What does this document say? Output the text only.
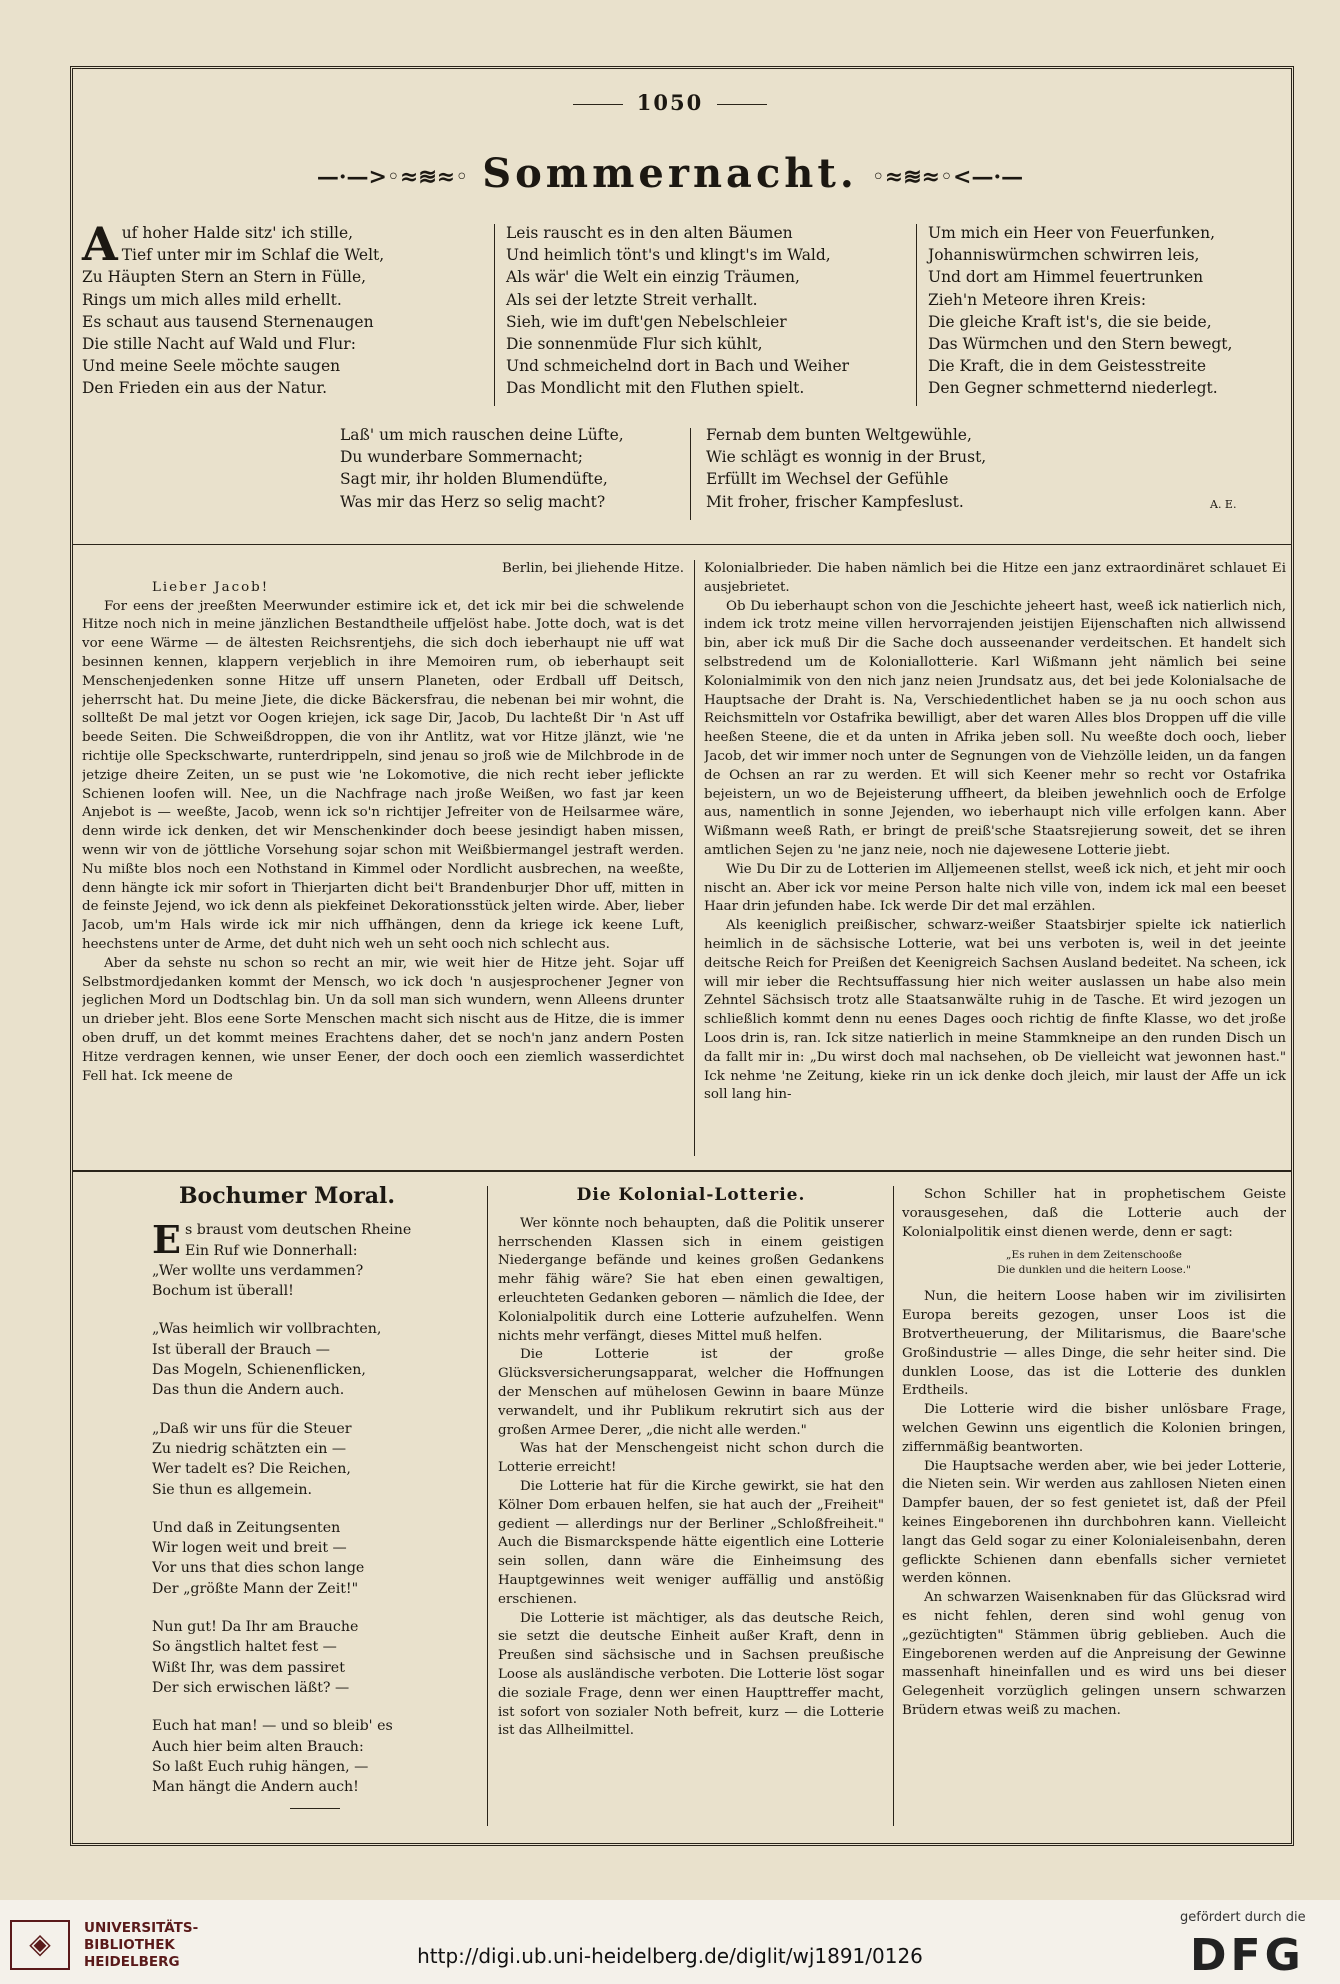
1050
—·—>◦≈≋≈◦ Sommernacht. ◦≈≋≈◦<—·—
A uf hoher Halde sitz' ich stille,
Tief unter mir im Schlaf die Welt,
Zu Häupten Stern an Stern in Fülle,
Rings um mich alles mild erhellt.
Es schaut aus tausend Sternenaugen
Die stille Nacht auf Wald und Flur:
Und meine Seele möchte saugen
Den Frieden ein aus der Natur.
Leis rauscht es in den alten Bäumen
Und heimlich tönt's und klingt's im Wald,
Als wär' die Welt ein einzig Träumen,
Als sei der letzte Streit verhallt.
Sieh, wie im duft'gen Nebelschleier
Die sonnenmüde Flur sich kühlt,
Und schmeichelnd dort in Bach und Weiher
Das Mondlicht mit den Fluthen spielt.
Um mich ein Heer von Feuerfunken,
Johanniswürmchen schwirren leis,
Und dort am Himmel feuertrunken
Zieh'n Meteore ihren Kreis:
Die gleiche Kraft ist's, die sie beide,
Das Würmchen und den Stern bewegt,
Die Kraft, die in dem Geistesstreite
Den Gegner schmetternd niederlegt.
Laß' um mich rauschen deine Lüfte,
Du wunderbare Sommernacht;
Sagt mir, ihr holden Blumendüfte,
Was mir das Herz so selig macht?
Fernab dem bunten Weltgewühle,
Wie schlägt es wonnig in der Brust,
Erfüllt im Wechsel der Gefühle
Mit froher, frischer Kampfeslust.	A. E.

Berlin, bei jliehende Hitze.

Lieber Jacob!

For eens der jreeßten Meerwunder estimire ick et, det ick mir bei die schwelende Hitze noch nich in meine jänzlichen Bestandtheile uffjelöst habe. Jotte doch, wat is det vor eene Wärme — de ältesten Reichsrentjehs, die sich doch ieberhaupt nie uff wat besinnen kennen, klappern verjeblich in ihre Memoiren rum, ob ieberhaupt seit Menschenjedenken sonne Hitze uff unsern Planeten, oder Erdball uff Deitsch, jeherrscht hat. Du meine Jiete, die dicke Bäckersfrau, die nebenan bei mir wohnt, die sollteßt De mal jetzt vor Oogen kriejen, ick sage Dir, Jacob, Du lachteßt Dir 'n Ast uff beede Seiten. Die Schweißdroppen, die von ihr Antlitz, wat vor Hitze jlänzt, wie 'ne richtije olle Speckschwarte, runterdrippeln, sind jenau so jroß wie de Milchbrode in de jetzige dheire Zeiten, un se pust wie 'ne Lokomotive, die nich recht ieber jeflickte Schienen loofen will. Nee, un die Nachfrage nach jroße Weißen, wo fast jar keen Anjebot is — weeßte, Jacob, wenn ick so'n richtijer Jefreiter von de Heilsarmee wäre, denn wirde ick denken, det wir Menschenkinder doch beese jesindigt haben missen, wenn wir von de jöttliche Vorsehung sojar schon mit Weißbiermangel jestraft werden. Nu mißte blos noch een Nothstand in Kimmel oder Nordlicht ausbrechen, na weeßte, denn hängte ick mir sofort in Thierjarten dicht bei't Brandenburjer Dhor uff, mitten in de feinste Jejend, wo ick denn als piekfeinet Dekorationsstück jelten wirde. Aber, lieber Jacob, um'm Hals wirde ick mir nich uffhängen, denn da kriege ick keene Luft, heechstens unter de Arme, det duht nich weh un seht ooch nich schlecht aus.

Aber da sehste nu schon so recht an mir, wie weit hier de Hitze jeht. Sojar uff Selbstmordjedanken kommt der Mensch, wo ick doch 'n ausjesprochener Jegner von jeglichen Mord un Dodtschlag bin. Un da soll man sich wundern, wenn Alleens drunter un drieber jeht. Blos eene Sorte Menschen macht sich nischt aus de Hitze, die is immer oben druff, un det kommt meines Erachtens daher, det se noch'n janz andern Posten Hitze verdragen kennen, wie unser Eener, der doch ooch een ziemlich wasserdichtet Fell hat. Ick meene de

Kolonialbrieder. Die haben nämlich bei die Hitze een janz extraordinäret schlauet Ei ausjebrietet.

Ob Du ieberhaupt schon von die Jeschichte jeheert hast, weeß ick natierlich nich, indem ick trotz meine villen hervorrajenden jeistijen Eijenschaften nich allwissend bin, aber ick muß Dir die Sache doch ausseenander verdeitschen. Et handelt sich selbstredend um de Koloniallotterie. Karl Wißmann jeht nämlich bei seine Kolonialmimik von den nich janz neien Jrundsatz aus, det bei jede Kolonialsache de Hauptsache der Draht is. Na, Verschiedentlichet haben se ja nu ooch schon aus Reichsmitteln vor Ostafrika bewilligt, aber det waren Alles blos Droppen uff die ville heeßen Steene, die et da unten in Afrika jeben soll. Nu weeßte doch ooch, lieber Jacob, det wir immer noch unter de Segnungen von de Viehzölle leiden, un da fangen de Ochsen an rar zu werden. Et will sich Keener mehr so recht vor Ostafrika bejeistern, un wo de Bejeisterung uffheert, da bleiben jewehnlich ooch de Erfolge aus, namentlich in sonne Jejenden, wo ieberhaupt nich ville erfolgen kann. Aber Wißmann weeß Rath, er bringt de preiß'sche Staatsrejierung soweit, det se ihren amtlichen Sejen zu 'ne janz neie, noch nie dajewesene Lotterie jiebt.

Wie Du Dir zu de Lotterien im Alljemeenen stellst, weeß ick nich, et jeht mir ooch nischt an. Aber ick vor meine Person halte nich ville von, indem ick mal een beeset Haar drin jefunden habe. Ick werde Dir det mal erzählen.

Als keeniglich preißischer, schwarz-weißer Staatsbirjer spielte ick natierlich heimlich in de sächsische Lotterie, wat bei uns verboten is, weil in det jeeinte deitsche Reich for Preißen det Keenigreich Sachsen Ausland bedeitet. Na scheen, ick will mir ieber die Rechtsuffassung hier nich weiter auslassen un habe also mein Zehntel Sächsisch trotz alle Staatsanwälte ruhig in de Tasche. Et wird jezogen un schließlich kommt denn nu eenes Dages ooch richtig de finfte Klasse, wo det jroße Loos drin is, ran. Ick sitze natierlich in meine Stammkneipe an den runden Disch un da fallt mir in: „Du wirst doch mal nachsehen, ob De vielleicht wat jewonnen hast." Ick nehme 'ne Zeitung, kieke rin un ick denke doch jleich, mir laust der Affe un ick soll lang hin-

Bochumer Moral.
E s braust vom deutschen Rheine
Ein Ruf wie Donnerhall:
„Wer wollte uns verdammen?
Bochum ist überall!
„Was heimlich wir vollbrachten,
Ist überall der Brauch —
Das Mogeln, Schienenflicken,
Das thun die Andern auch.
„Daß wir uns für die Steuer
Zu niedrig schätzten ein —
Wer tadelt es? Die Reichen,
Sie thun es allgemein.
Und daß in Zeitungsenten
Wir logen weit und breit —
Vor uns that dies schon lange
Der „größte Mann der Zeit!"
Nun gut! Da Ihr am Brauche
So ängstlich haltet fest —
Wißt Ihr, was dem passiret
Der sich erwischen läßt? —
Euch hat man! — und so bleib' es
Auch hier beim alten Brauch:
So laßt Euch ruhig hängen, —
Man hängt die Andern auch!
Die Kolonial-Lotterie.

Wer könnte noch behaupten, daß die Politik unserer herrschenden Klassen sich in einem geistigen Niedergange befände und keines großen Gedankens mehr fähig wäre? Sie hat eben einen gewaltigen, erleuchteten Gedanken geboren — nämlich die Idee, der Kolonialpolitik durch eine Lotterie aufzuhelfen. Wenn nichts mehr verfängt, dieses Mittel muß helfen.

Die Lotterie ist der große Glücksversicherungsapparat, welcher die Hoffnungen der Menschen auf mühelosen Gewinn in baare Münze verwandelt, und ihr Publikum rekrutirt sich aus der großen Armee Derer, „die nicht alle werden."

Was hat der Menschengeist nicht schon durch die Lotterie erreicht!

Die Lotterie hat für die Kirche gewirkt, sie hat den Kölner Dom erbauen helfen, sie hat auch der „Freiheit" gedient — allerdings nur der Berliner „Schloßfreiheit." Auch die Bismarckspende hätte eigentlich eine Lotterie sein sollen, dann wäre die Einheimsung des Hauptgewinnes weit weniger auffällig und anstößig erschienen.

Die Lotterie ist mächtiger, als das deutsche Reich, sie setzt die deutsche Einheit außer Kraft, denn in Preußen sind sächsische und in Sachsen preußische Loose als ausländische verboten. Die Lotterie löst sogar die soziale Frage, denn wer einen Haupttreffer macht, ist sofort von sozialer Noth befreit, kurz — die Lotterie ist das Allheilmittel.

Schon Schiller hat in prophetischem Geiste vorausgesehen, daß die Lotterie auch der Kolonialpolitik einst dienen werde, denn er sagt:

„Es ruhen in dem Zeitenschooße
Die dunklen und die heitern Loose."

Nun, die heitern Loose haben wir im zivilisirten Europa bereits gezogen, unser Loos ist die Brotvertheuerung, der Militarismus, die Baare'sche Großindustrie — alles Dinge, die sehr heiter sind. Die dunklen Loose, das ist die Lotterie des dunklen Erdtheils.

Die Lotterie wird die bisher unlösbare Frage, welchen Gewinn uns eigentlich die Kolonien bringen, ziffernmäßig beantworten.

Die Hauptsache werden aber, wie bei jeder Lotterie, die Nieten sein. Wir werden aus zahllosen Nieten einen Dampfer bauen, der so fest genietet ist, daß der Pfeil keines Eingeborenen ihn durchbohren kann. Vielleicht langt das Geld sogar zu einer Kolonialeisenbahn, deren geflickte Schienen dann ebenfalls sicher vernietet werden können.

An schwarzen Waisenknaben für das Glücksrad wird es nicht fehlen, deren sind wohl genug von „gezüchtigten" Stämmen übrig geblieben. Auch die Eingeborenen werden auf die Anpreisung der Gewinne massenhaft hineinfallen und es wird uns bei dieser Gelegenheit vorzüglich gelingen unsern schwarzen Brüdern etwas weiß zu machen.

◈	UNIVERSITÄTS-
BIBLIOTHEK
HEIDELBERG	http://digi.ub.uni-heidelberg.de/diglit/wj1891/0126
gefördert durch die
DFG
